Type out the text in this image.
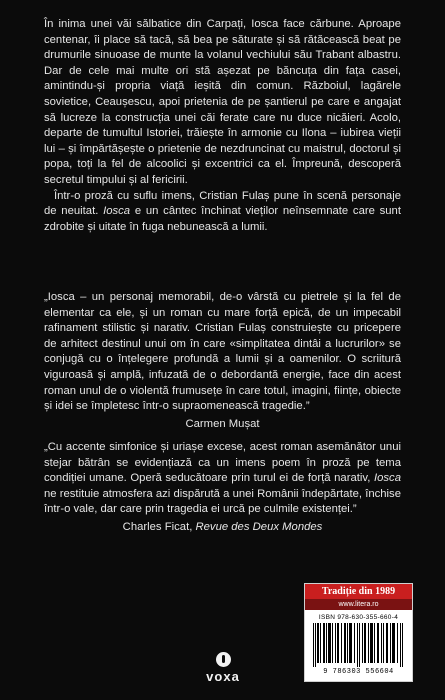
În inima unei văi sălbatice din Carpați, Iosca face cărbune. Aproape centenar, îi place să tacă, să bea pe săturate și să rătăcească beat pe drumurile sinuoase de munte la volanul vechiului său Trabant albastru. Dar de cele mai multe ori stă așezat pe băncuța din fața casei, amintindu-și propria viață ieșită din comun. Războiul, lagărele sovietice, Ceaușescu, apoi prietenia de pe șantierul pe care e angajat să lucreze la construcția unei căi ferate care nu duce nicăieri. Acolo, departe de tumultul Istoriei, trăiește în armonie cu Ilona – iubirea vieții lui – și împărtășește o prietenie de nezdruncinat cu maistrul, doctorul și popa, toți la fel de alcoolici și excentrici ca el. Împreună, descoperă secretul timpului și al fericirii.

Într-o proză cu suflu imens, Cristian Fulaș pune în scenă personaje de neuitat. Iosca e un cântec închinat vieților neînsemnate care sunt zdrobite și uitate în fuga nebunească a lumii.

„Iosca – un personaj memorabil, de-o vârstă cu pietrele și la fel de elementar ca ele, și un roman cu mare forță epică, de un impecabil rafinament stilistic și narativ. Cristian Fulaș construiește cu pricepere de arhitect destinul unui om în care «simplitatea dintâi a lucrurilor» se conjugă cu o înțelegere profundă a lumii și a oamenilor. O scriitură viguroasă și amplă, infuzată de o debordantă energie, face din acest roman unul de o violentă frumusețe în care totul, imagini, ființe, obiecte și idei se împletesc într-o supraomenească tragedie.”

Carmen Mușat

„Cu accente simfonice și uriașe excese, acest roman asemănător unui stejar bătrân se evidențiază ca un imens poem în proză pe tema condiției umane. Operă seducătoare prin turul ei de forță narativ, Iosca ne restituie atmosfera azi dispărută a unei Românii îndepărtate, închise într-o vale, dar care prin tragedia ei urcă pe culmile existenței.”

Charles Ficat, Revue des Deux Mondes
voxa
Tradiție din 1989
www.litera.ro
ISBN 978-630-355-660-4
9 786303 556604
